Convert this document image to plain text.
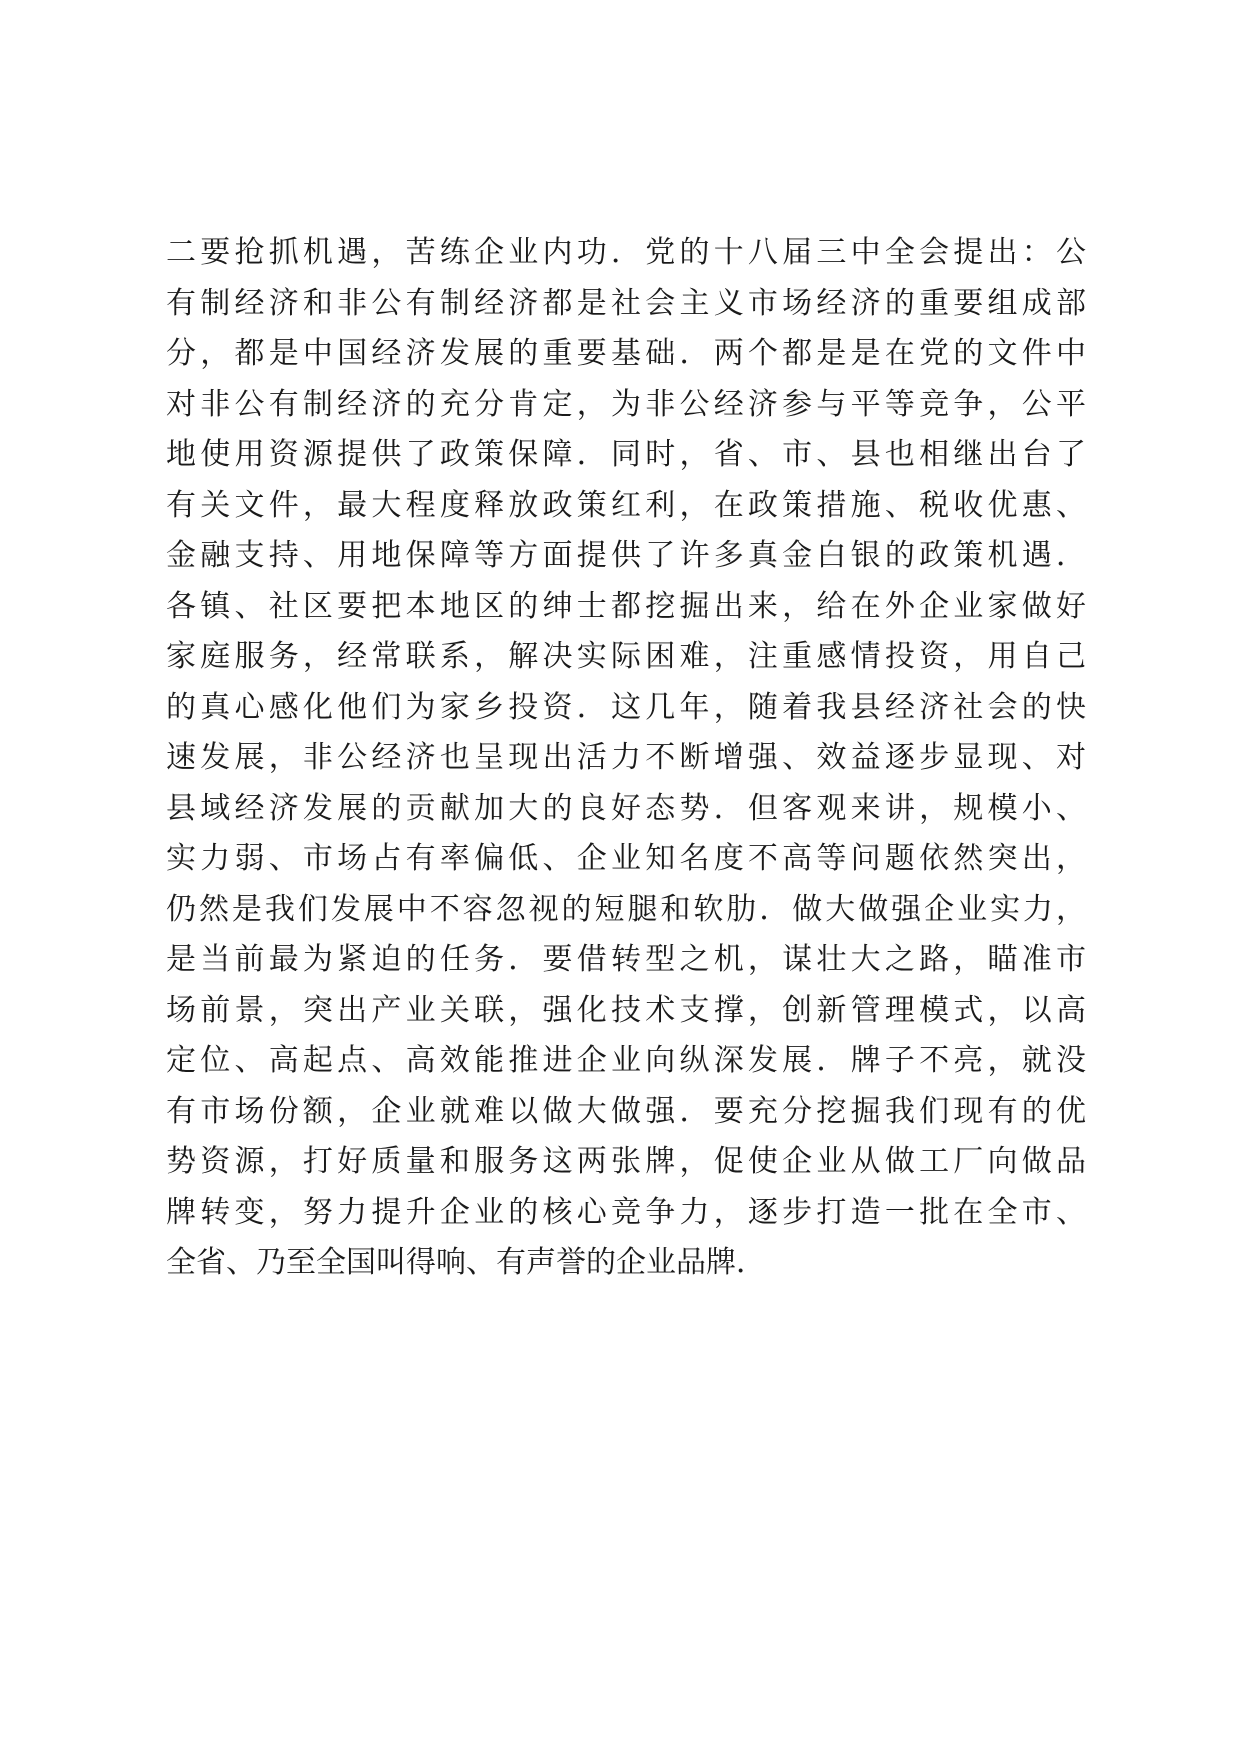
二要抢抓机遇，苦练企业内功．党的十八届三中全会提出：公
有制经济和非公有制经济都是社会主义市场经济的重要组成部
分，都是中国经济发展的重要基础．两个都是是在党的文件中
对非公有制经济的充分肯定，为非公经济参与平等竞争，公平
地使用资源提供了政策保障．同时，省、市、县也相继出台了
有关文件，最大程度释放政策红利，在政策措施、税收优惠、
金融支持、用地保障等方面提供了许多真金白银的政策机遇．
各镇、社区要把本地区的绅士都挖掘出来，给在外企业家做好
家庭服务，经常联系，解决实际困难，注重感情投资，用自己
的真心感化他们为家乡投资．这几年，随着我县经济社会的快
速发展，非公经济也呈现出活力不断增强、效益逐步显现、对
县域经济发展的贡献加大的良好态势．但客观来讲，规模小、
实力弱、市场占有率偏低、企业知名度不高等问题依然突出，
仍然是我们发展中不容忽视的短腿和软肋．做大做强企业实力，
是当前最为紧迫的任务．要借转型之机，谋壮大之路，瞄准市
场前景，突出产业关联，强化技术支撑，创新管理模式，以高
定位、高起点、高效能推进企业向纵深发展．牌子不亮，就没
有市场份额，企业就难以做大做强．要充分挖掘我们现有的优
势资源，打好质量和服务这两张牌，促使企业从做工厂向做品
牌转变，努力提升企业的核心竞争力，逐步打造一批在全市、
全省、乃至全国叫得响、有声誉的企业品牌．
